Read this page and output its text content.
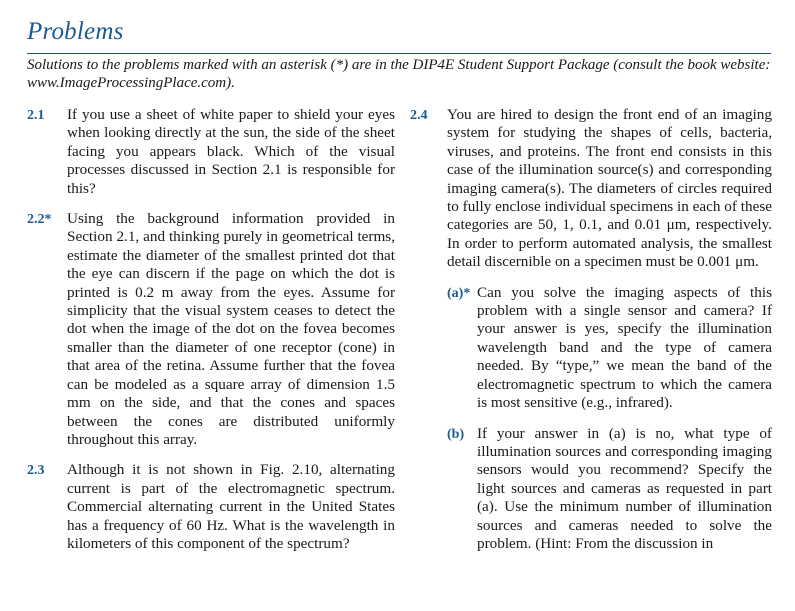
Problems
Solutions to the problems marked with an asterisk (*) are in the DIP4E Student Support Package (consult the book website: www.ImageProcessingPlace.com).
2.1	If you use a sheet of white paper to shield your eyes when looking directly at the sun, the side of the sheet facing you appears black. Which of the visual processes discussed in Section 2.1 is responsible for this?
2.2*	Using the background information provided in Section 2.1, and thinking purely in geometrical terms, estimate the diameter of the smallest printed dot that the eye can discern if the page on which the dot is printed is 0.2 m away from the eyes. Assume for simplicity that the visual system ceases to detect the dot when the image of the dot on the fovea becomes smaller than the diameter of one receptor (cone) in that area of the retina. Assume further that the fovea can be modeled as a square array of dimension 1.5 mm on the side, and that the cones and spaces between the cones are distributed uniformly throughout this array.
2.3	Although it is not shown in Fig. 2.10, alternating current is part of the electromagnetic spectrum. Commercial alternating current in the United States has a frequency of 60 Hz. What is the wavelength in kilometers of this component of the spectrum?
2.4	You are hired to design the front end of an imaging system for studying the shapes of cells, bacteria, viruses, and proteins. The front end consists in this case of the illumination source(s) and corresponding imaging camera(s). The diameters of circles required to fully enclose individual specimens in each of these categories are 50, 1, 0.1, and 0.01 μm, respectively. In order to perform automated analysis, the smallest detail discernible on a specimen must be 0.001 μm.
(a)* Can you solve the imaging aspects of this problem with a single sensor and camera? If your answer is yes, specify the illumination wavelength band and the type of camera needed. By “type,” we mean the band of the electromagnetic spectrum to which the camera is most sensitive (e.g., infrared).
(b) If your answer in (a) is no, what type of illumination sources and corresponding imaging sensors would you recommend? Specify the light sources and cameras as requested in part (a). Use the minimum number of illumination sources and cameras needed to solve the problem. (Hint: From the discussion in
